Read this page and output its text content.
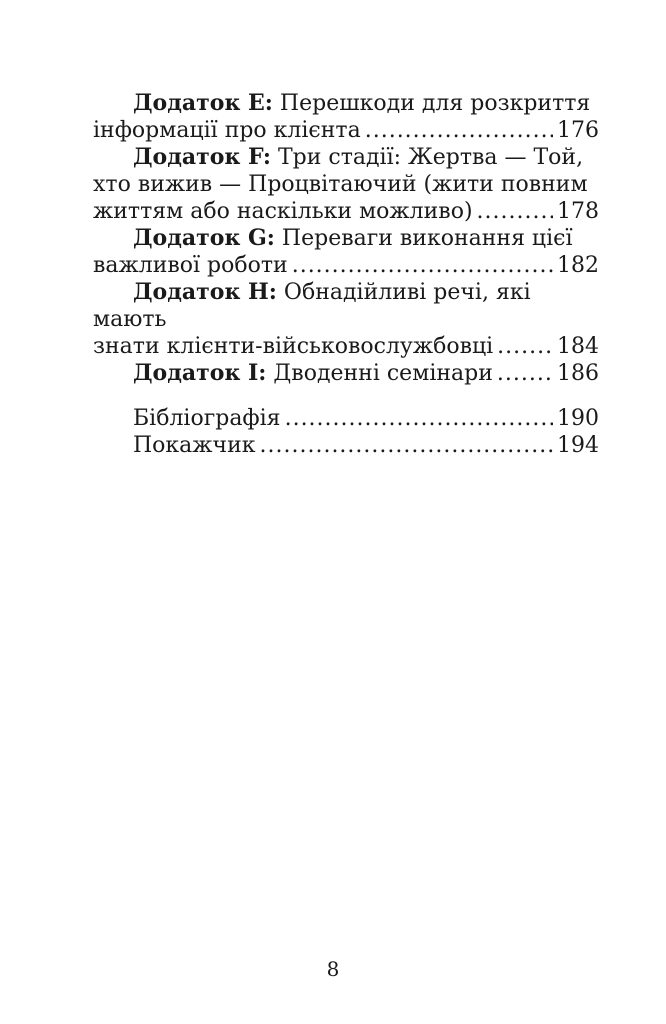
Додаток E: Перешкоди для розкриття
інформації про клієнта .....	176
Додаток F: Три стадії: Жертва — Той,
хто вижив — Процвітаючий (жити повним
життям або наскільки можливо) .....	178
Додаток G: Переваги виконання цієї
важливої роботи .....	182
Додаток H: Обнадійливі речі, які мають
знати клієнти-військовослужбовці .....	184
Додаток I: Дводенні семінари .....	186
Бібліографія .....	190
Покажчик .....	194
8
